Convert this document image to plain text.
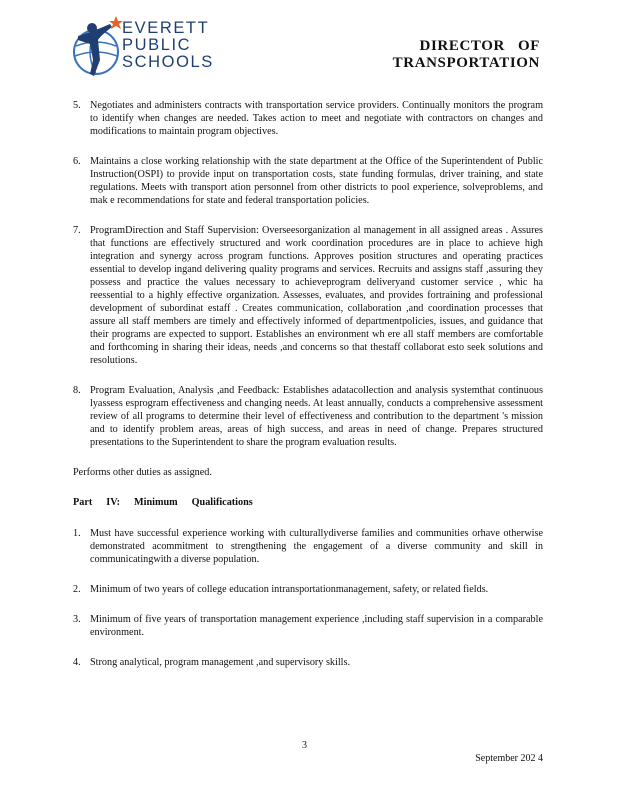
EVERETT
PUBLIC
SCHOOLS
DIRECTOR   OF
TRANSPORTATION
5. Negotiates and administers contracts with transportation service providers. Continually monitors the program to identify when changes are needed. Takes action to meet and negotiate with contractors on changes and modifications to maintain program objectives.
6. Maintains a close working relationship with the state department at the Office of the Superintendent of Public Instruction(OSPI) to provide input on transportation costs, state funding formulas, driver training, and state regulations. Meets with transport ation personnel from other districts to pool experience, solveproblems, and mak e recommendations for state and federal transportation policies.
7. ProgramDirection and Staff Supervision: Overseesorganization al management in all assigned areas . Assures that functions are effectively structured and work coordination procedures are in place to achieve high integration and synergy across program functions. Approves position structures and operating practices essential to develop ingand delivering quality programs and services. Recruits and assigns staff ,assuring they possess and practice the values necessary to achieveprogram deliveryand customer service , whic ha reessential to a highly effective organization. Assesses, evaluates, and provides fortraining and professional development of subordinat estaff . Creates communication, collaboration ,and coordination processes that assure all staff members are timely and effectively informed of departmentpolicies, issues, and guidance that their programs are expected to support. Establishes an environment wh ere all staff members are comfortable and forthcoming in sharing their ideas, needs ,and concerns so that thestaff collaborat esto seek solutions and resolutions.
8. Program Evaluation, Analysis ,and Feedback: Establishes adatacollection and analysis systemthat continuous lyassess esprogram effectiveness and changing needs. At least annually, conducts a comprehensive assessment review of all programs to determine their level of effectiveness and contribution to the department 's mission and to identify problem areas, areas of high success, and areas in need of change. Prepares structured presentations to the Superintendent to share the program evaluation results.

Performs other duties as assigned.

Part IV: Minimum Qualifications

1. Must have successful experience working with culturallydiverse families and communities orhave otherwise demonstrated acommitment to strengthening the engagement of a diverse community and skill in communicatingwith a diverse population.
2. Minimum of two years of college education intransportationmanagement, safety, or related fields.
3. Minimum of five years of transportation management experience ,including staff supervision in a comparable environment.
4. Strong analytical, program management ,and supervisory skills.
3
September 202 4
